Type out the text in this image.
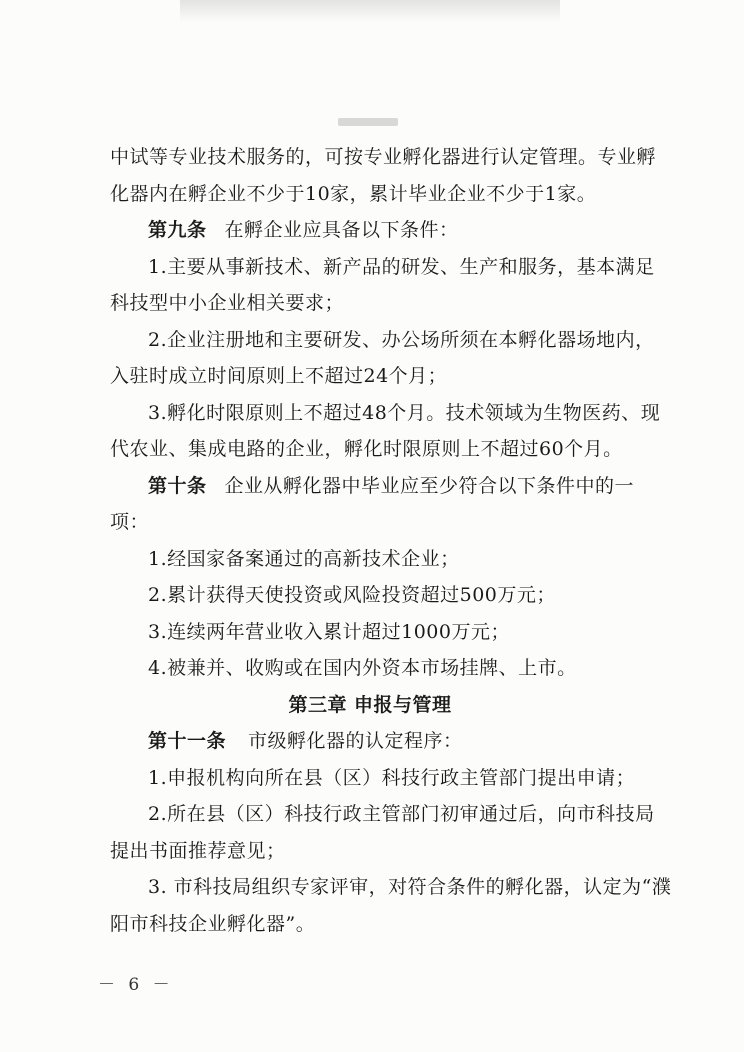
中试等专业技术服务的，可按专业孵化器进行认定管理。专业孵
化器内在孵企业不少于10家，累计毕业企业不少于1家。
第九条 在孵企业应具备以下条件：
1.主要从事新技术、新产品的研发、生产和服务，基本满足
科技型中小企业相关要求；
2.企业注册地和主要研发、办公场所须在本孵化器场地内，
入驻时成立时间原则上不超过24个月；
3.孵化时限原则上不超过48个月。技术领域为生物医药、现
代农业、集成电路的企业，孵化时限原则上不超过60个月。
第十条 企业从孵化器中毕业应至少符合以下条件中的一
项：
1.经国家备案通过的高新技术企业；
2.累计获得天使投资或风险投资超过500万元；
3.连续两年营业收入累计超过1000万元；
4.被兼并、收购或在国内外资本市场挂牌、上市。
第三章 申报与管理
第十一条 市级孵化器的认定程序：
1.申报机构向所在县（区）科技行政主管部门提出申请；
2.所在县（区）科技行政主管部门初审通过后，向市科技局
提出书面推荐意见；
3. 市科技局组织专家评审，对符合条件的孵化器，认定为“濮
阳市科技企业孵化器”。
－ 6 －
